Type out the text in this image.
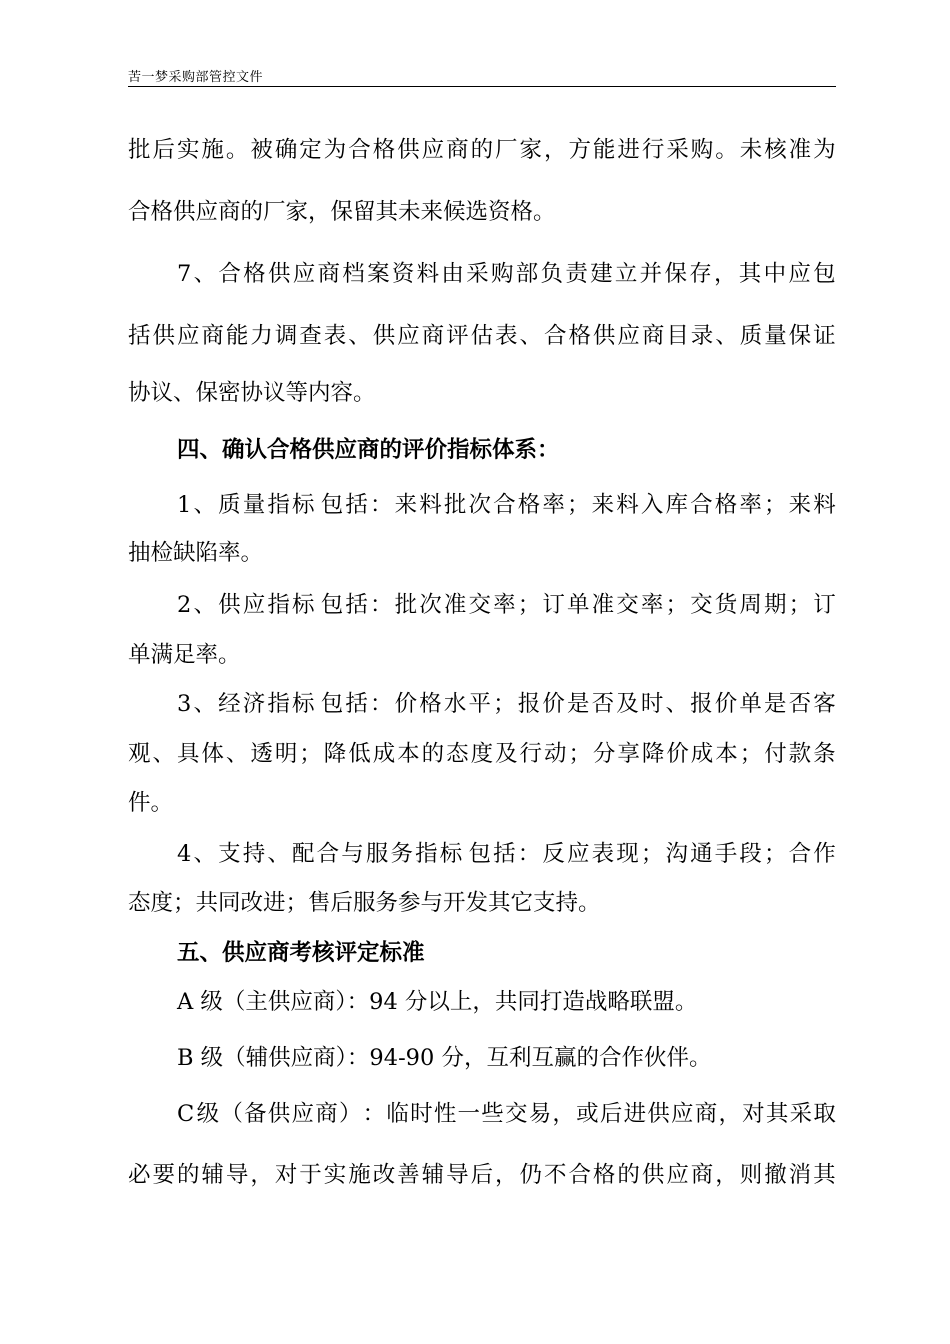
苦一梦采购部管控文件
批 后 实 施 。 被 确 定 为 合 格 供 应 商 的 厂 家 ， 方 能 进 行 采 购 。 未 核 准 为
合格供应商的厂家，保留其未来候选资格。
7 、 合 格 供 应 商 档 案 资 料 由 采 购 部 负 责 建 立 并 保 存 ， 其 中 应 包
括 供 应 商 能 力 调 查 表 、 供 应 商 评 估 表 、 合 格 供 应 商 目 录 、 质 量 保 证
协议、保密协议等内容。
四、确认合格供应商的评价指标体系：
1 、 质 量 指 标 包 括 ： 来 料 批 次 合 格 率 ； 来 料 入 库 合 格 率 ； 来 料
抽检缺陷率。
2 、 供 应 指 标 包 括 ： 批 次 准 交 率 ； 订 单 准 交 率 ； 交 货 周 期 ； 订
单满足率。
3 、 经 济 指 标 包 括 ： 价 格 水 平 ； 报 价 是 否 及 时 、 报 价 单 是 否 客
观 、 具 体 、 透 明 ； 降 低 成 本 的 态 度 及 行 动 ； 分 享 降 价 成 本 ； 付 款 条
件。
4 、 支 持 、 配 合 与 服 务 指 标 包 括 ： 反 应 表 现 ； 沟 通 手 段 ； 合 作
态度；共同改进；售后服务参与开发其它支持。
五、供应商考核评定标准
A 级（主供应商）：94 分以上，共同打造战略联盟。
B 级（辅供应商）：94-90 分，互利互赢的合作伙伴。
C 级 （ 备 供 应 商 ） ： 临 时 性 一 些 交 易 ， 或 后 进 供 应 商 ， 对 其 采 取
必 要 的 辅 导 ， 对 于 实 施 改 善 辅 导 后 ， 仍 不 合 格 的 供 应 商 ， 则 撤 消 其
